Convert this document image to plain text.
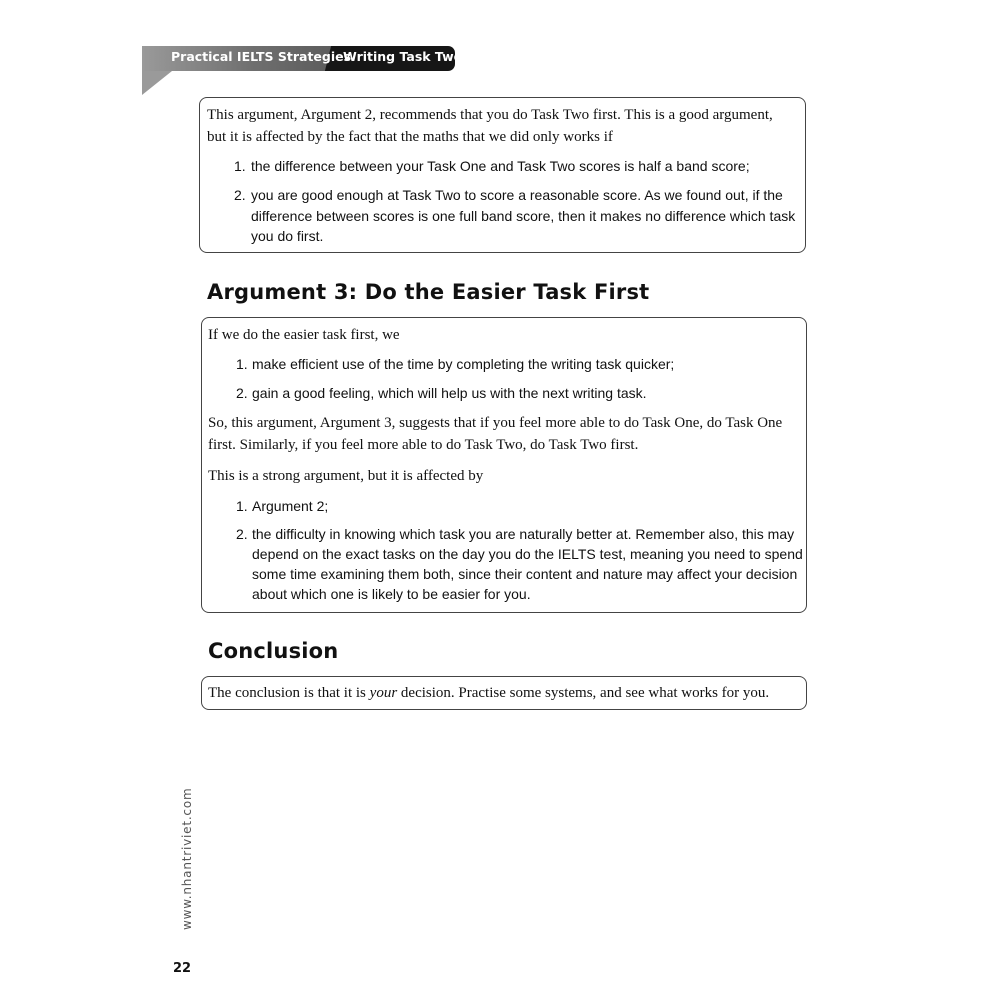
Practical IELTS Strategies
Writing Task Two

This argument, Argument 2, recommends that you do Task Two first. This is a good argument,

but it is affected by the fact that the maths that we did only works if

1. the difference between your Task One and Task Two scores is half a band score;

2. you are good enough at Task Two to score a reasonable score. As we found out, if the

difference between scores is one full band score, then it makes no difference which task

you do first.

Argument 3: Do the Easier Task First

If we do the easier task first, we

1. make efficient use of the time by completing the writing task quicker;

2. gain a good feeling, which will help us with the next writing task.

So, this argument, Argument 3, suggests that if you feel more able to do Task One, do Task One

first. Similarly, if you feel more able to do Task Two, do Task Two first.

This is a strong argument, but it is affected by

1. Argument 2;

2. the difficulty in knowing which task you are naturally better at. Remember also, this may

depend on the exact tasks on the day you do the IELTS test, meaning you need to spend

some time examining them both, since their content and nature may affect your decision

about which one is likely to be easier for you.

Conclusion

The conclusion is that it is your decision. Practise some systems, and see what works for you.

www.nhantriviet.com
22
